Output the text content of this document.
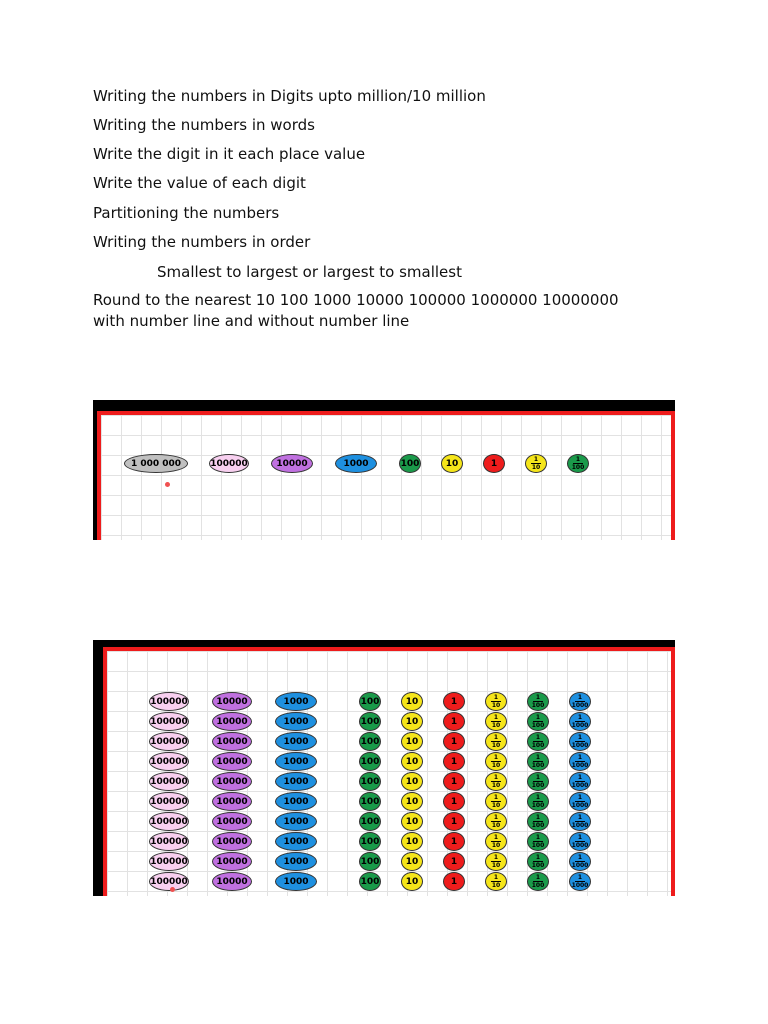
Writing the numbers in Digits upto million/10 million
Writing the numbers in words
Write the digit in it each place value
Write the value of each digit
Partitioning the numbers
Writing the numbers in order
Smallest to largest or largest to smallest
Round to the nearest 10 100 1000 10000 100000 1000000 10000000
with number line and without number line
1 000 000	100000	10000	1000	100	10	1	$\frac{1}{10}$	$\frac{1}{100}$
100000	10000	1000	100	10	1	$\frac{1}{10}$	$\frac{1}{100}$	$\frac{1}{1000}$
100000	10000	1000	100	10	1	$\frac{1}{10}$	$\frac{1}{100}$	$\frac{1}{1000}$
100000	10000	1000	100	10	1	$\frac{1}{10}$	$\frac{1}{100}$	$\frac{1}{1000}$
100000	10000	1000	100	10	1	$\frac{1}{10}$	$\frac{1}{100}$	$\frac{1}{1000}$
100000	10000	1000	100	10	1	$\frac{1}{10}$	$\frac{1}{100}$	$\frac{1}{1000}$
100000	10000	1000	100	10	1	$\frac{1}{10}$	$\frac{1}{100}$	$\frac{1}{1000}$
100000	10000	1000	100	10	1	$\frac{1}{10}$	$\frac{1}{100}$	$\frac{1}{1000}$
100000	10000	1000	100	10	1	$\frac{1}{10}$	$\frac{1}{100}$	$\frac{1}{1000}$
100000	10000	1000	100	10	1	$\frac{1}{10}$	$\frac{1}{100}$	$\frac{1}{1000}$
100000	10000	1000	100	10	1	$\frac{1}{10}$	$\frac{1}{100}$	$\frac{1}{1000}$
